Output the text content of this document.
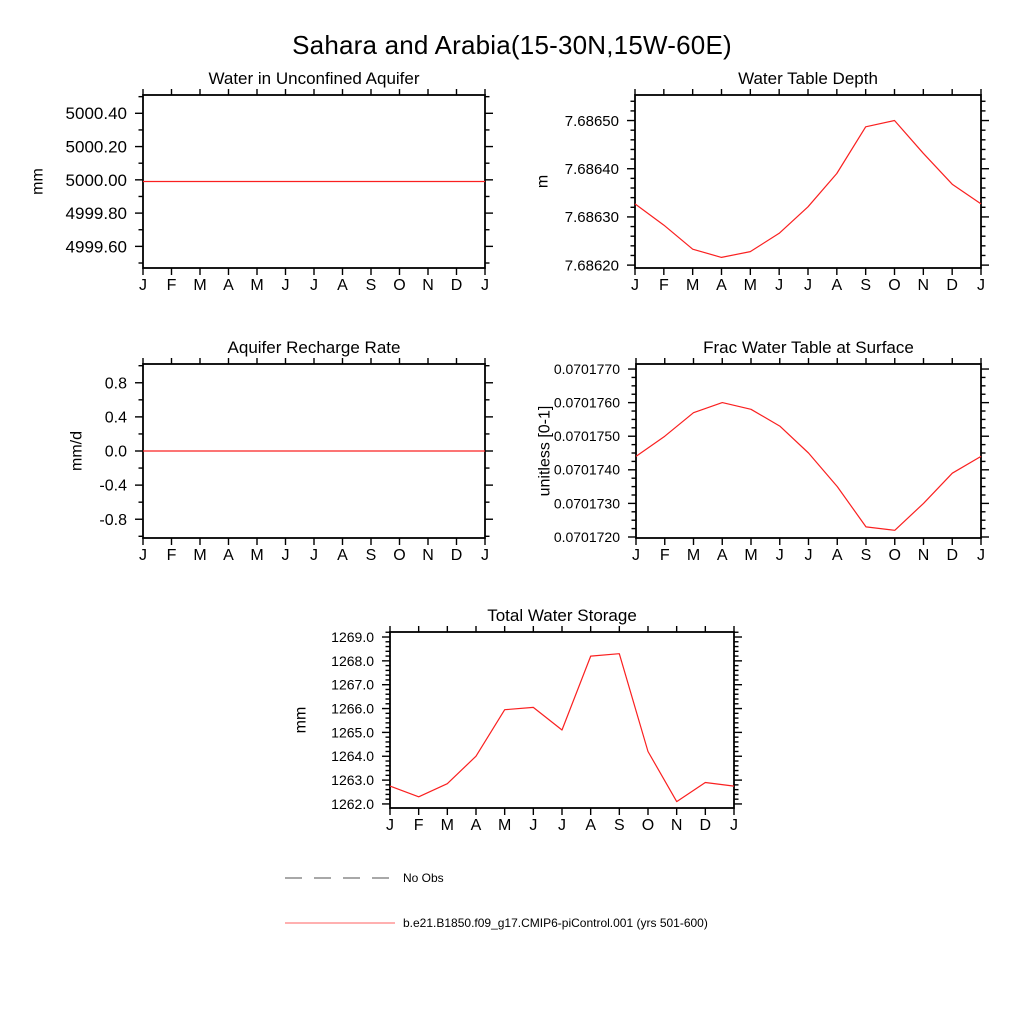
Sahara and Arabia(15-30N,15W-60E)
5000.40
5000.20
5000.00
4999.80
4999.60
J F M A M J J A S O N D J
Water in Unconfined Aquifer
mm
7.68650
7.68640
7.68630
7.68620
J F M A M J J A S O N D J
Water Table Depth
m
0.8
0.4
0.0
-0.4
-0.8
J F M A M J J A S O N D J
Aquifer Recharge Rate
mm/d
0.0701770
0.0701760
0.0701750
0.0701740
0.0701730
0.0701720
J F M A M J J A S O N D J
Frac Water Table at Surface
unitless [0-1]
1269.0
1268.0
1267.0
1266.0
1265.0
1264.0
1263.0
1262.0
J F M A M J J A S O N D J
Total Water Storage
mm
No Obs
b.e21.B1850.f09_g17.CMIP6-piControl.001 (yrs 501-600)
